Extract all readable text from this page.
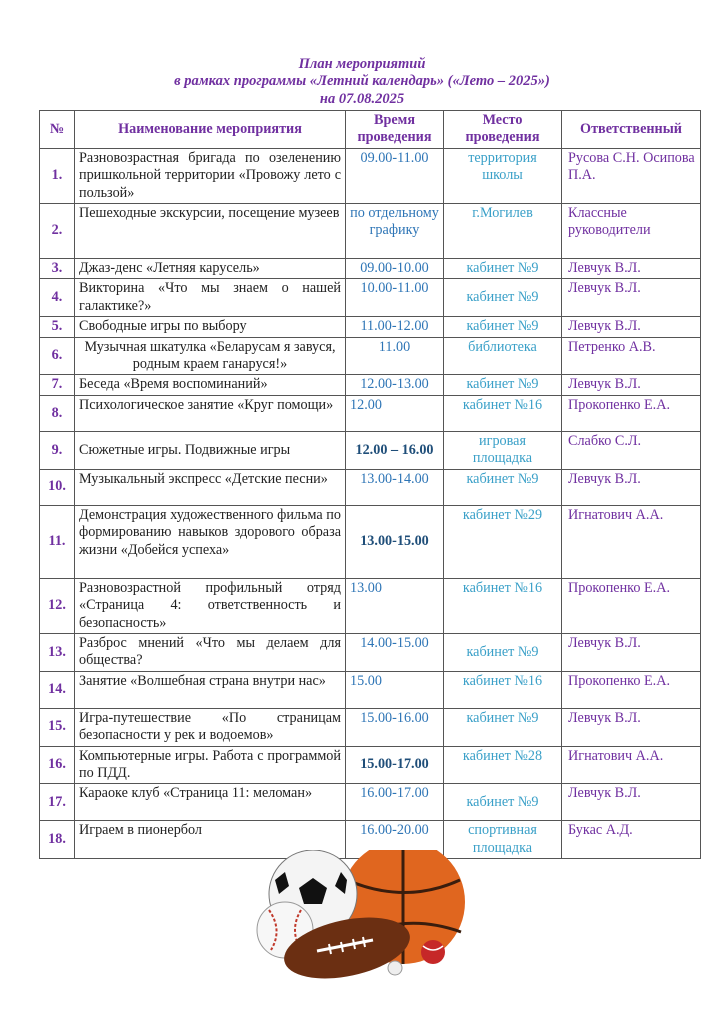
План мероприятий
в рамках программы «Летний календарь» («Лето – 2025»)
на 07.08.2025
№	Наименование мероприятия	Время проведения	Место проведения	Ответственный
1.	Разновозрастная бригада по озеленению пришкольной территории «Провожу лето с пользой»	09.00-11.00	территория школы	Русова С.Н. Осипова П.А.
2.	Пешеходные экскурсии, посещение музеев	по отдельному графику	г.Могилев	Классные руководители
3.	Джаз-денс «Летняя карусель»	09.00-10.00	кабинет №9	Левчук В.Л.
4.	Викторина «Что мы знаем о нашей галактике?»	10.00-11.00	кабинет №9	Левчук В.Л.
5.	Свободные игры по выбору	11.00-12.00	кабинет №9	Левчук В.Л.
6.	Музычная шкатулка «Беларусам я завуся, родным краем ганарусяǃ»	11.00	библиотека	Петренко А.В.
7.	Беседа «Время воспоминаний»	12.00-13.00	кабинет №9	Левчук В.Л.
8.	Психологическое занятие «Круг помощи»	12.00	кабинет №16	Прокопенко Е.А.
9.	Сюжетные игры. Подвижные игры	12.00 – 16.00	игровая площадка	Слабко С.Л.
10.	Музыкальный экспресс «Детские песни»	13.00-14.00	кабинет №9	Левчук В.Л.
11.	Демонстрация художественного фильма по формированию навыков здорового образа жизни «Добейся успеха»	13.00-15.00	кабинет №29	Игнатович А.А.
12.	Разновозрастной профильный отряд «Страница 4: ответственность и безопасность»	13.00	кабинет №16	Прокопенко Е.А.
13.	Разброс мнений «Что мы делаем для общества?	14.00-15.00	кабинет №9	Левчук В.Л.
14.	Занятие «Волшебная страна внутри нас»	15.00	кабинет №16	Прокопенко Е.А.
15.	Игра-путешествие «По страницам безопасности у рек и водоемов»	15.00-16.00	кабинет №9	Левчук В.Л.
16.	Компьютерные игры. Работа с программой по ПДД.	15.00-17.00	кабинет №28	Игнатович А.А.
17.	Караоке клуб «Страница 11: меломан»	16.00-17.00	кабинет №9	Левчук В.Л.
18.	Играем в пионербол	16.00-20.00	спортивная площадка	Букас А.Д.
